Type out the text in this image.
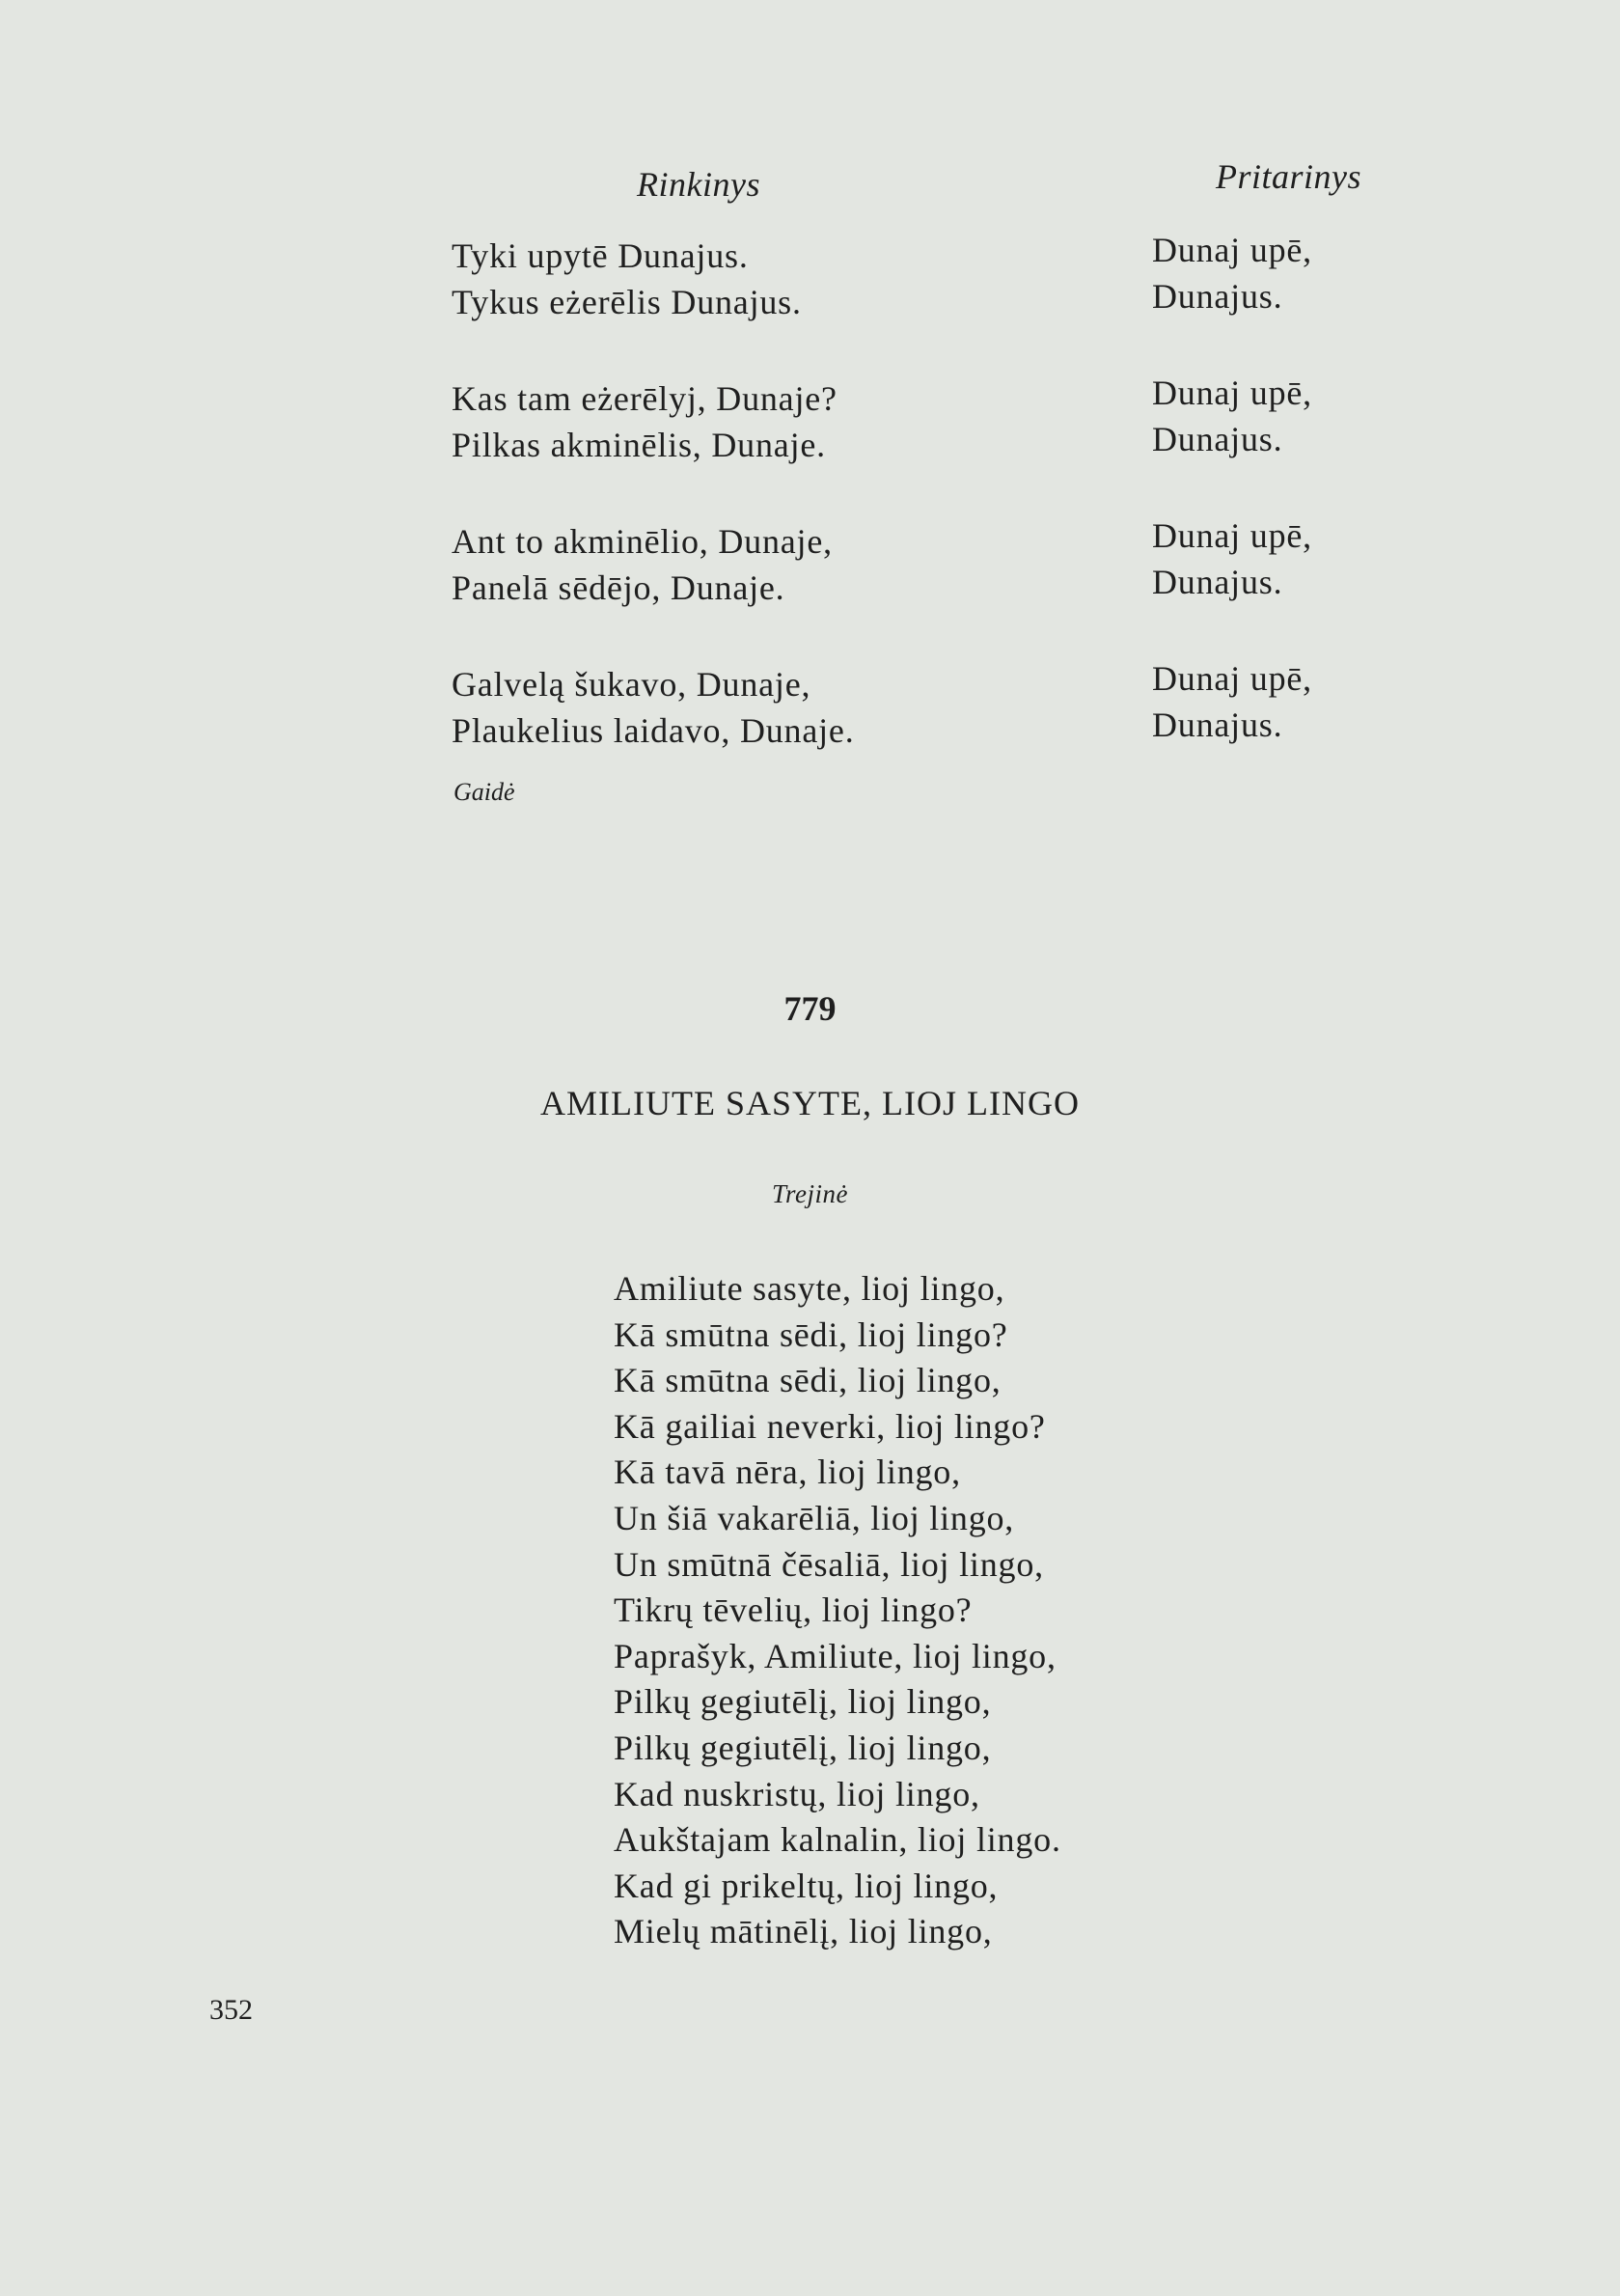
Rinkinys	Pritarinys
Tyki upytē Dunajus.
Tykus eżerēlis Dunajus.
Dunaj upē,
Dunajus.
Kas tam eżerēlyj, Dunaje?
Pilkas akminēlis, Dunaje.
Dunaj upē,
Dunajus.
Ant to akminēlio, Dunaje,
Panelā sēdējo, Dunaje.
Dunaj upē,
Dunajus.
Galvelą šukavo, Dunaje,
Plaukelius laidavo, Dunaje.
Dunaj upē,
Dunajus.
Gaidė
779
AMILIUTE SASYTE, LIOJ LINGO
Trejinė
Amiliute sasyte, lioj lingo,
Kā smūtna sēdi, lioj lingo?
Kā smūtna sēdi, lioj lingo,
Kā gailiai neverki, lioj lingo?
Kā tavā nēra, lioj lingo,
Un šiā vakarēliā, lioj lingo,
Un smūtnā čēsaliā, lioj lingo,
Tikrų tēvelių, lioj lingo?
Paprašyk, Amiliute, lioj lingo,
Pilkų gegiutēlį, lioj lingo,
Pilkų gegiutēlį, lioj lingo,
Kad nuskristų, lioj lingo,
Aukštajam kalnalin, lioj lingo.
Kad gi prikeltų, lioj lingo,
Mielų mātinēlį, lioj lingo,
352
